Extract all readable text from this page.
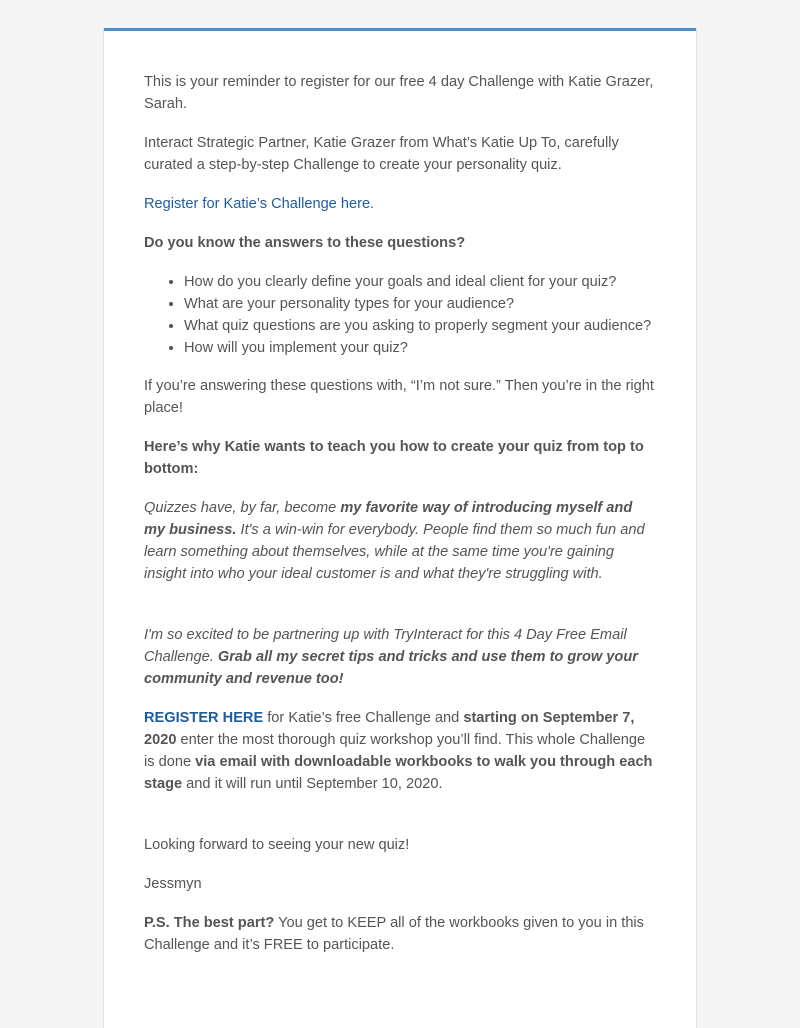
This is your reminder to register for our free 4 day Challenge with Katie Grazer, Sarah.

Interact Strategic Partner, Katie Grazer from What’s Katie Up To, carefully curated a step-by-step Challenge to create your personality quiz.

Register for Katie’s Challenge here.

Do you know the answers to these questions?

• How do you clearly define your goals and ideal client for your quiz?
• What are your personality types for your audience?
• What quiz questions are you asking to properly segment your audience?
• How will you implement your quiz?

If you’re answering these questions with, “I’m not sure.” Then you’re in the right place!

Here’s why Katie wants to teach you how to create your quiz from top to bottom:

Quizzes have, by far, become my favorite way of introducing myself and my business. It's a win-win for everybody. People find them so much fun and learn something about themselves, while at the same time you're gaining insight into who your ideal customer is and what they're struggling with.

I'm so excited to be partnering up with TryInteract for this 4 Day Free Email Challenge. Grab all my secret tips and tricks and use them to grow your community and revenue too!

REGISTER HERE for Katie’s free Challenge and starting on September 7, 2020 enter the most thorough quiz workshop you’ll find. This whole Challenge is done via email with downloadable workbooks to walk you through each stage and it will run until September 10, 2020.

Looking forward to seeing your new quiz!

Jessmyn

P.S. The best part? You get to KEEP all of the workbooks given to you in this Challenge and it’s FREE to participate.
